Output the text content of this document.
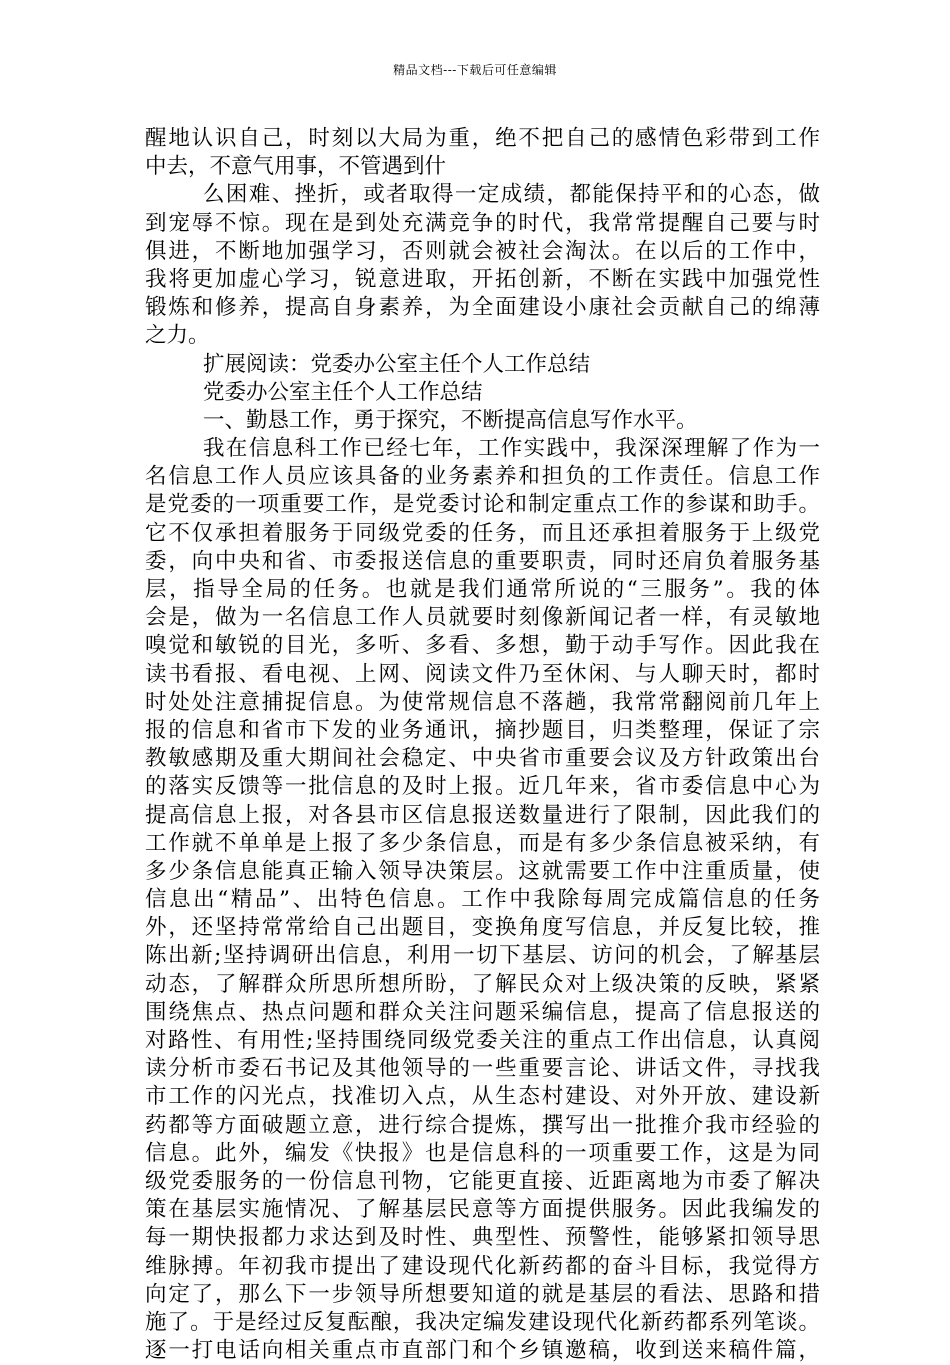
精品文档---下载后可任意编辑
醒地认识自己，时刻以大局为重，绝不把自己的感情色彩带到工作
中去，不意气用事，不管遇到什
么困难、挫折，或者取得一定成绩，都能保持平和的心态，做
到宠辱不惊。现在是到处充满竞争的时代，我常常提醒自己要与时
俱进，不断地加强学习，否则就会被社会淘汰。在以后的工作中，
我将更加虚心学习，锐意进取，开拓创新，不断在实践中加强党性
锻炼和修养，提高自身素养，为全面建设小康社会贡献自己的绵薄
之力。
扩展阅读：党委办公室主任个人工作总结
党委办公室主任个人工作总结
一、勤恳工作，勇于探究，不断提高信息写作水平。
我在信息科工作已经七年，工作实践中，我深深理解了作为一
名信息工作人员应该具备的业务素养和担负的工作责任。信息工作
是党委的一项重要工作，是党委讨论和制定重点工作的参谋和助手。
它不仅承担着服务于同级党委的任务，而且还承担着服务于上级党
委，向中央和省、市委报送信息的重要职责，同时还肩负着服务基
层，指导全局的任务。也就是我们通常所说的“三服务”。我的体
会是，做为一名信息工作人员就要时刻像新闻记者一样，有灵敏地
嗅觉和敏锐的目光，多听、多看、多想，勤于动手写作。因此我在
读书看报、看电视、上网、阅读文件乃至休闲、与人聊天时，都时
时处处注意捕捉信息。为使常规信息不落趟，我常常翻阅前几年上
报的信息和省市下发的业务通讯，摘抄题目，归类整理，保证了宗
教敏感期及重大期间社会稳定、中央省市重要会议及方针政策出台
的落实反馈等一批信息的及时上报。近几年来，省市委信息中心为
提高信息上报，对各县市区信息报送数量进行了限制，因此我们的
工作就不单单是上报了多少条信息，而是有多少条信息被采纳，有
多少条信息能真正输入领导决策层。这就需要工作中注重质量，使
信息出“精品”、出特色信息。工作中我除每周完成篇信息的任务
外，还坚持常常给自己出题目，变换角度写信息，并反复比较，推
陈出新;坚持调研出信息，利用一切下基层、访问的机会，了解基层
动态，了解群众所思所想所盼，了解民众对上级决策的反映，紧紧
围绕焦点、热点问题和群众关注问题采编信息，提高了信息报送的
对路性、有用性;坚持围绕同级党委关注的重点工作出信息，认真阅
读分析市委石书记及其他领导的一些重要言论、讲话文件，寻找我
市工作的闪光点，找准切入点，从生态村建设、对外开放、建设新
药都等方面破题立意，进行综合提炼，撰写出一批推介我市经验的
信息。此外，编发《快报》也是信息科的一项重要工作，这是为同
级党委服务的一份信息刊物，它能更直接、近距离地为市委了解决
策在基层实施情况、了解基层民意等方面提供服务。因此我编发的
每一期快报都力求达到及时性、典型性、预警性，能够紧扣领导思
维脉搏。年初我市提出了建设现代化新药都的奋斗目标，我觉得方
向定了，那么下一步领导所想要知道的就是基层的看法、思路和措
施了。于是经过反复酝酿，我决定编发建设现代化新药都系列笔谈。
逐一打电话向相关重点市直部门和个乡镇邀稿，收到送来稿件篇，
